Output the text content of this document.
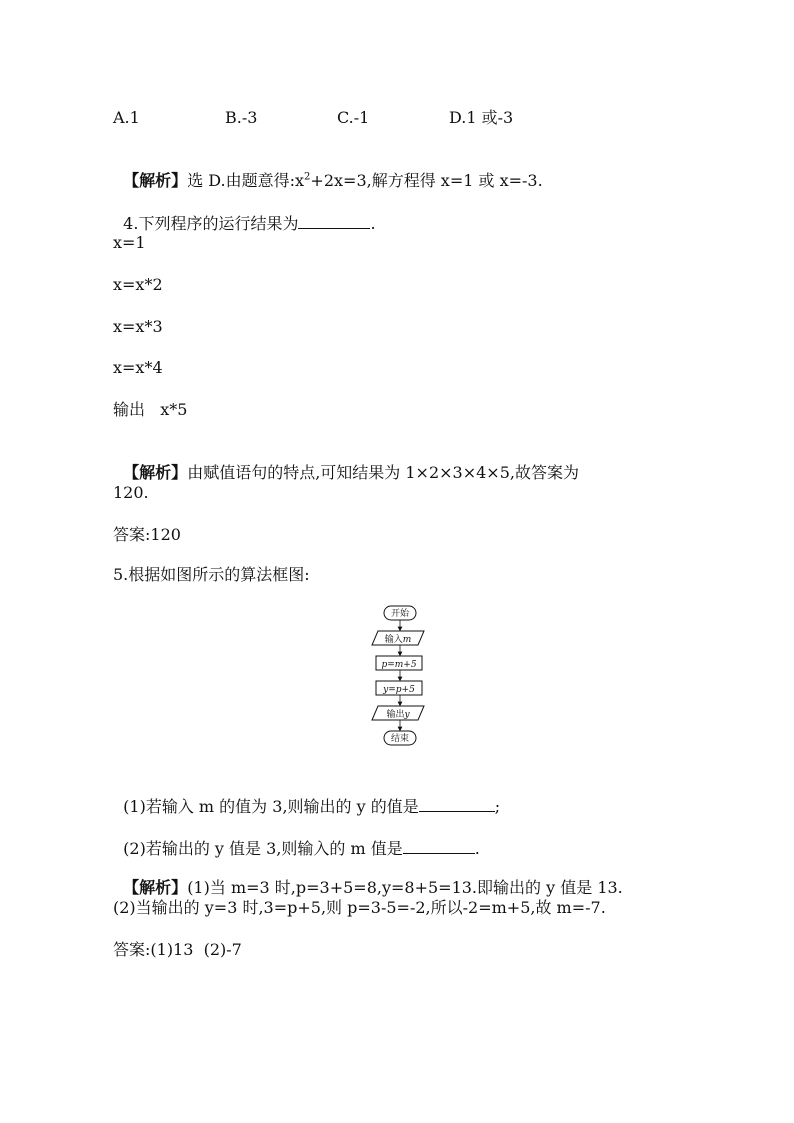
A.1	B.-3	C.-1	D.1 或-3

【解析】选 D.由题意得$:x^2+2x=3$,解方程得 x=1 或 x=-3.

4.下列程序的运行结果为	.

x=1
x=x*2
x=x*3
x=x*4
输出   x*5

【解析】由赋值语句的特点,可知结果为 1×2×3×4×5,故答案为

120.
答案:120
5.根据如图所示的算法框图:
开始
输入m
p=m+5
y=p+5
输出y
结束

(1)若输入 m 的值为 3,则输出的 y 的值是	;

(2)若输出的 y 值是 3,则输入的 m 值是	.

【解析】(1)当 m=3 时,p=3+5=8,y=8+5=13.即输出的 y 值是 13.

(2)当输出的 y=3 时,3=p+5,则 p=3-5=-2,所以-2=m+5,故 m=-7.
答案:(1)13  (2)-7
